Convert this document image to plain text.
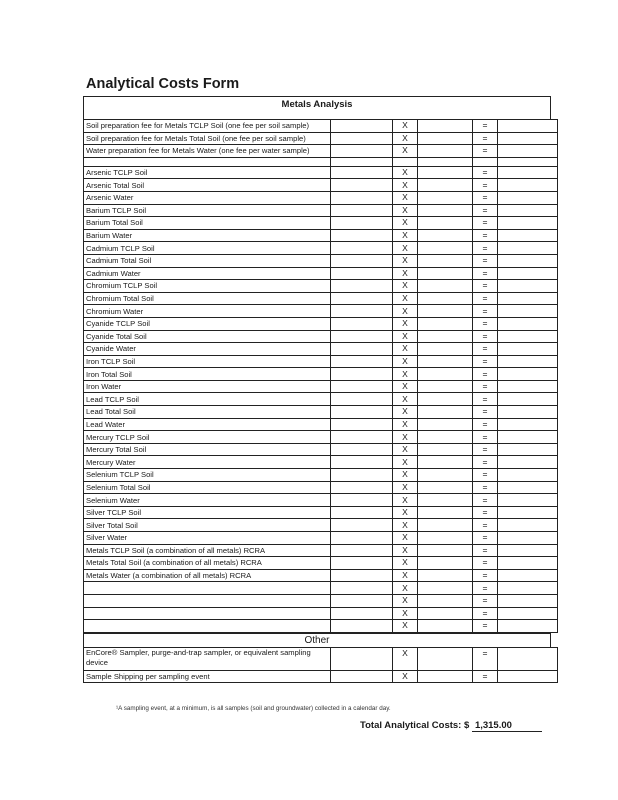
Analytical Costs Form
Metals Analysis
Soil preparation fee for Metals TCLP Soil (one fee per soil sample)		X		=	
Soil preparation fee for Metals Total Soil (one fee per soil sample)		X		=	
Water preparation fee for Metals Water (one fee per water sample)		X		=	

Arsenic TCLP Soil		X		=	
Arsenic Total Soil		X		=	
Arsenic Water		X		=	
Barium TCLP Soil		X		=	
Barium Total Soil		X		=	
Barium Water		X		=	
Cadmium TCLP Soil		X		=	
Cadmium Total Soil		X		=	
Cadmium Water		X		=	
Chromium TCLP Soil		X		=	
Chromium Total Soil		X		=	
Chromium Water		X		=	
Cyanide TCLP Soil		X		=	
Cyanide Total Soil		X		=	
Cyanide Water		X		=	
Iron TCLP Soil		X		=	
Iron Total Soil		X		=	
Iron Water		X		=	
Lead TCLP Soil		X		=	
Lead Total Soil		X		=	
Lead Water		X		=	
Mercury TCLP Soil		X		=	
Mercury Total Soil		X		=	
Mercury Water		X		=	
Selenium TCLP Soil		X		=	
Selenium Total Soil		X		=	
Selenium Water		X		=	
Silver TCLP Soil		X		=	
Silver Total Soil		X		=	
Silver Water		X		=	
Metals TCLP Soil (a combination of all metals) RCRA		X		=	
Metals Total Soil (a combination of all metals) RCRA		X		=	
Metals Water (a combination of all metals) RCRA		X		=	
		X		=	
		X		=	
		X		=	
		X		=	
Other
EnCore® Sampler, purge-and-trap sampler, or equivalent sampling device		X		=	
Sample Shipping per sampling event		X		=	
¹A sampling event, at a minimum, is all samples (soil and groundwater) collected in a calendar day.
Total Analytical Costs: $ 1,315.00
